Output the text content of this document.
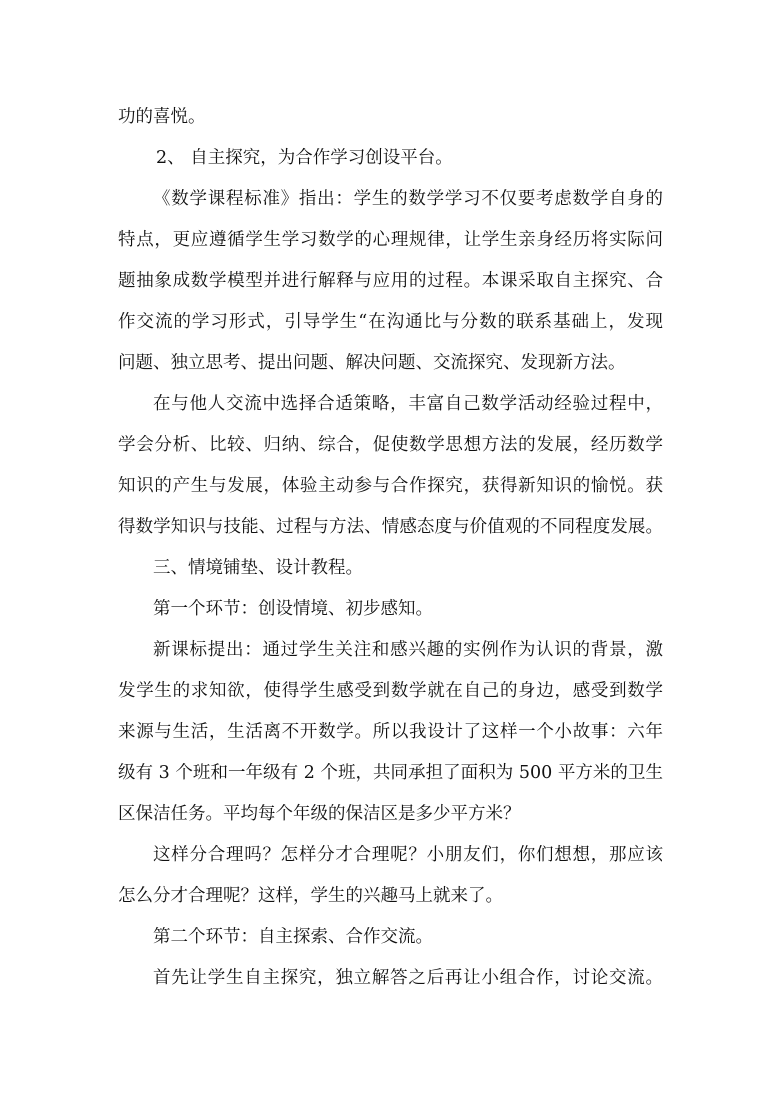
功的喜悦。
2、 自主探究，为合作学习创设平台。
《数学课程标准》指出：学生的数学学习不仅要考虑数学自身的
特点，更应遵循学生学习数学的心理规律，让学生亲身经历将实际问
题抽象成数学模型并进行解释与应用的过程。本课采取自主探究、合
作交流的学习形式，引导学生“在沟通比与分数的联系基础上，发现
问题、独立思考、提出问题、解决问题、交流探究、发现新方法。
在与他人交流中选择合适策略，丰富自己数学活动经验过程中，
学会分析、比较、归纳、综合，促使数学思想方法的发展，经历数学
知识的产生与发展，体验主动参与合作探究，获得新知识的愉悦。获
得数学知识与技能、过程与方法、情感态度与价值观的不同程度发展。
三、情境铺垫、设计教程。
第一个环节：创设情境、初步感知。
新课标提出：通过学生关注和感兴趣的实例作为认识的背景，激
发学生的求知欲，使得学生感受到数学就在自己的身边，感受到数学
来源与生活，生活离不开数学。所以我设计了这样一个小故事：六年
级有 3 个班和一年级有 2 个班，共同承担了面积为 500 平方米的卫生
区保洁任务。平均每个年级的保洁区是多少平方米？
这样分合理吗？怎样分才合理呢？小朋友们，你们想想，那应该
怎么分才合理呢？这样，学生的兴趣马上就来了。
第二个环节：自主探索、合作交流。
首先让学生自主探究，独立解答之后再让小组合作，讨论交流。
